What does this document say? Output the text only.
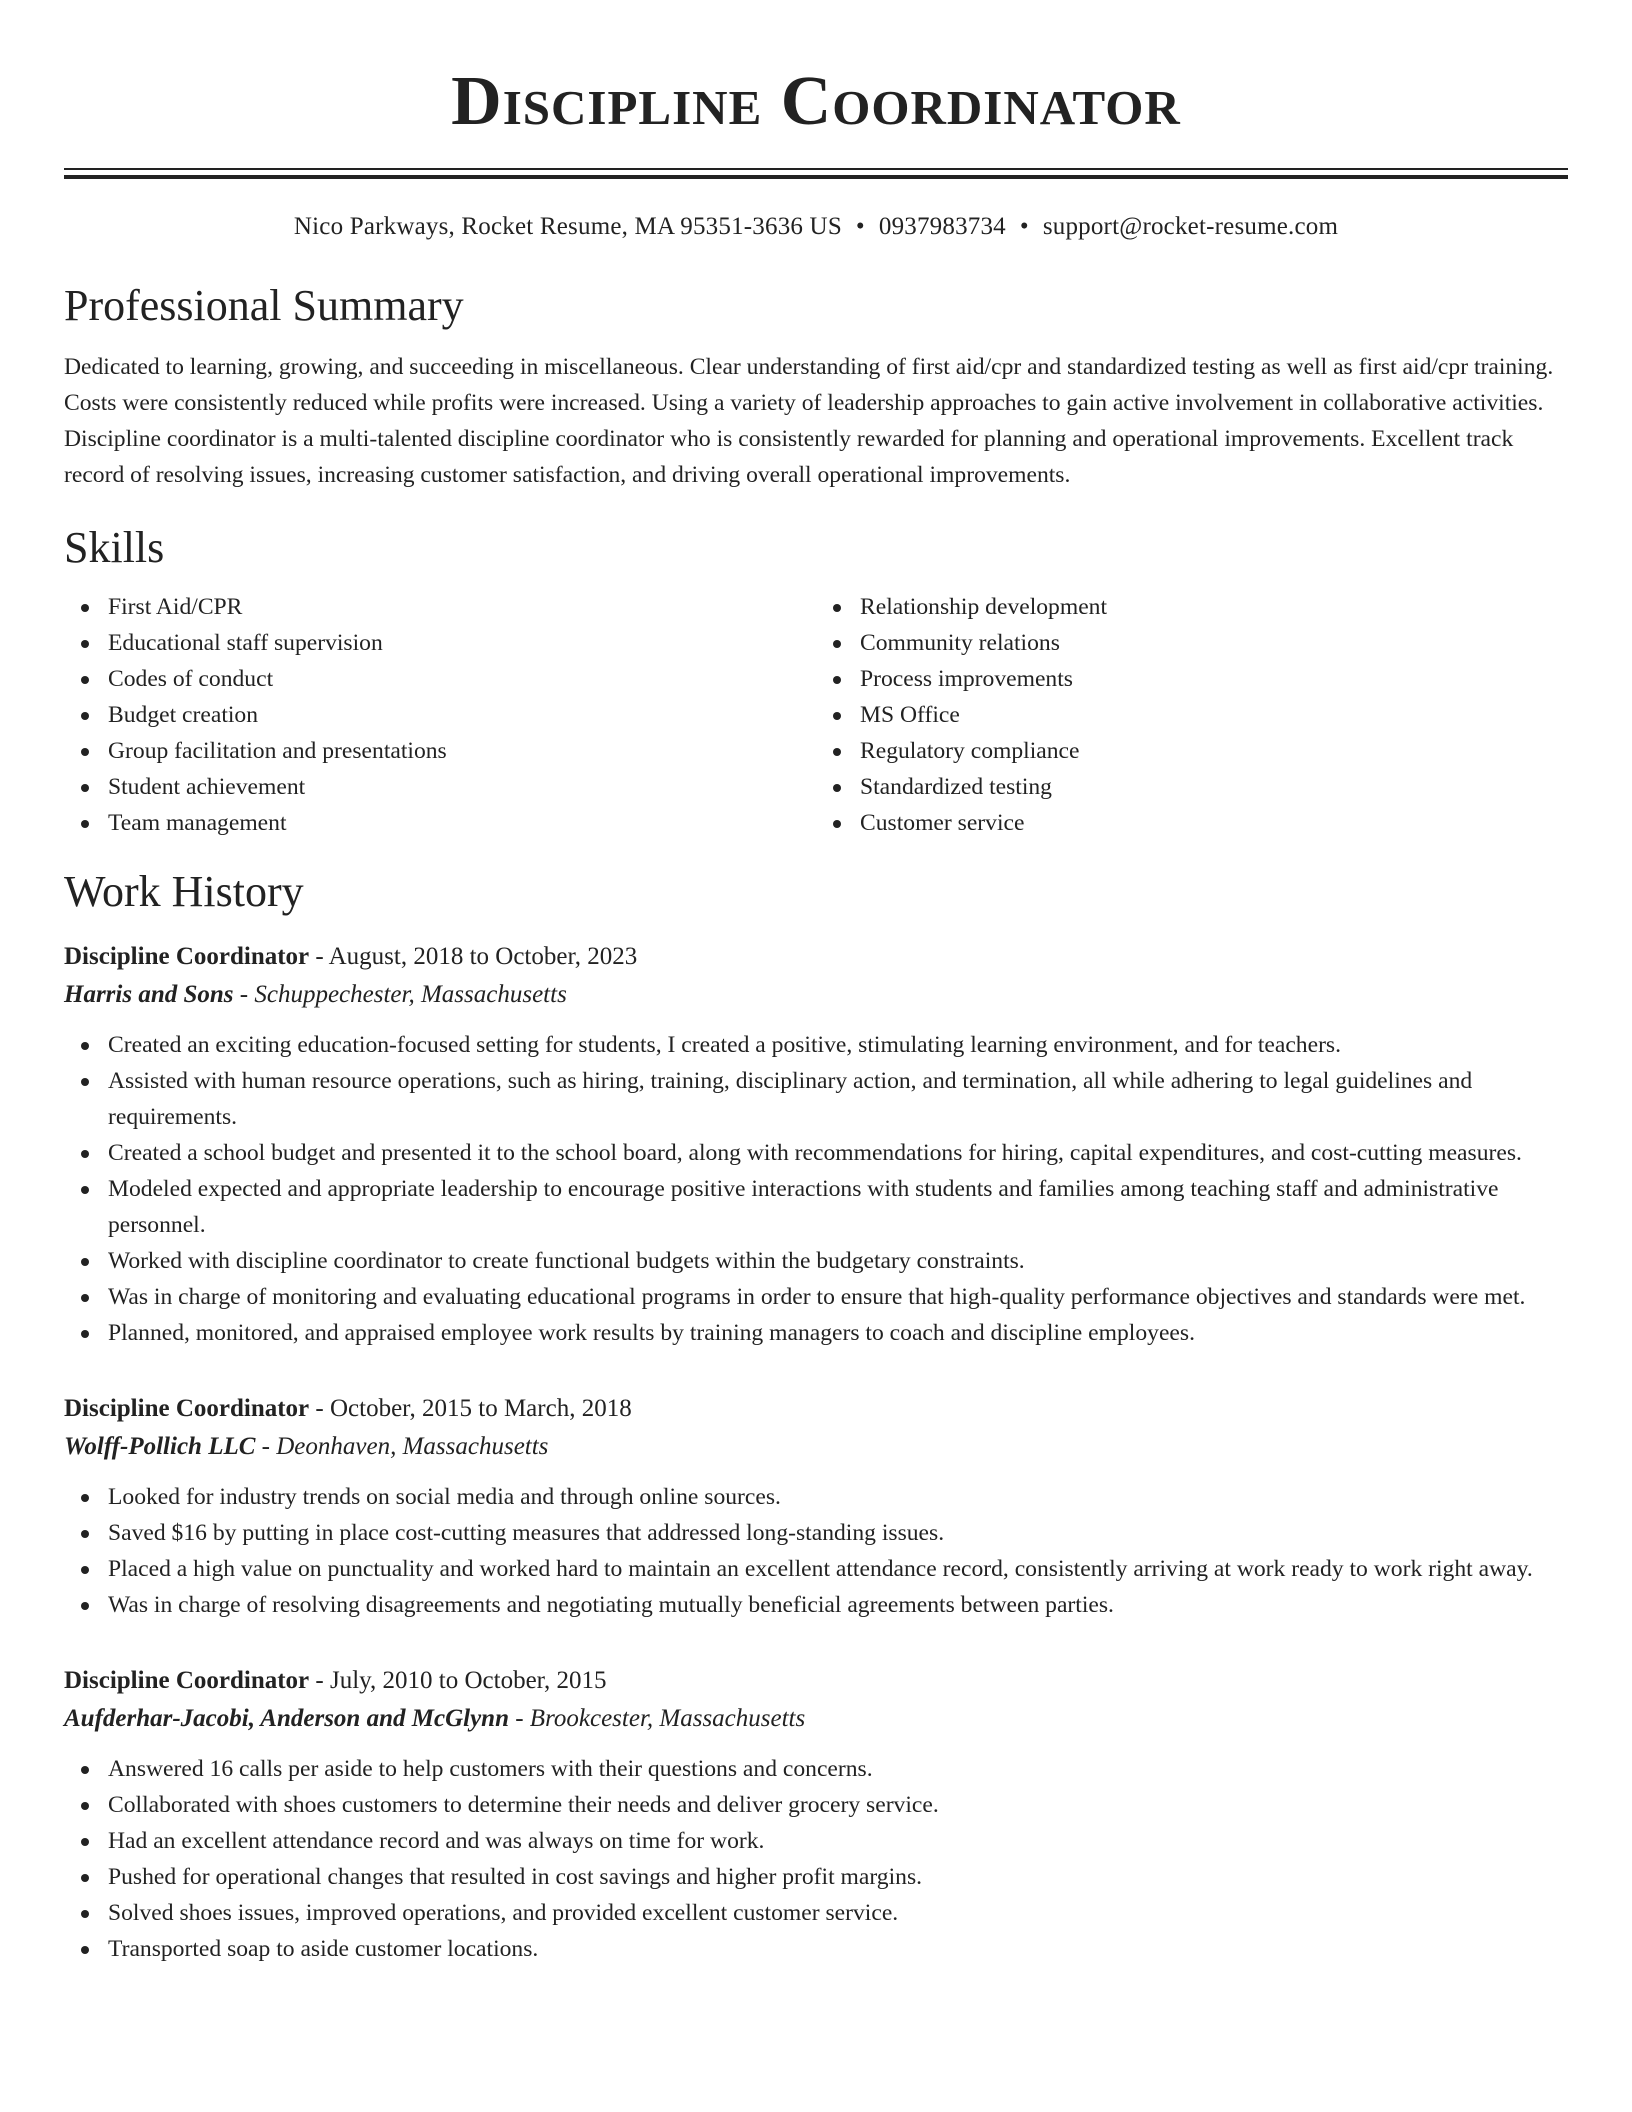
Discipline Coordinator
Nico Parkways, Rocket Resume, MA 95351-3636 US • 0937983734 • support@rocket-resume.com
Professional Summary

Dedicated to learning, growing, and succeeding in miscellaneous. Clear understanding of first aid/cpr and standardized testing as well as first aid/cpr training. Costs were consistently reduced while profits were increased. Using a variety of leadership approaches to gain active involvement in collaborative activities. Discipline coordinator is a multi-talented discipline coordinator who is consistently rewarded for planning and operational improvements. Excellent track record of resolving issues, increasing customer satisfaction, and driving overall operational improvements.

Skills
First Aid/CPR
Educational staff supervision
Codes of conduct
Budget creation
Group facilitation and presentations
Student achievement
Team management
Relationship development
Community relations
Process improvements
MS Office
Regulatory compliance
Standardized testing
Customer service
Work History
Discipline Coordinator - August, 2018 to October, 2023
Harris and Sons - Schuppechester, Massachusetts
Created an exciting education-focused setting for students, I created a positive, stimulating learning environment, and for teachers.
Assisted with human resource operations, such as hiring, training, disciplinary action, and termination, all while adhering to legal guidelines and requirements.
Created a school budget and presented it to the school board, along with recommendations for hiring, capital expenditures, and cost-cutting measures.
Modeled expected and appropriate leadership to encourage positive interactions with students and families among teaching staff and administrative personnel.
Worked with discipline coordinator to create functional budgets within the budgetary constraints.
Was in charge of monitoring and evaluating educational programs in order to ensure that high-quality performance objectives and standards were met.
Planned, monitored, and appraised employee work results by training managers to coach and discipline employees.
Discipline Coordinator - October, 2015 to March, 2018
Wolff-Pollich LLC - Deonhaven, Massachusetts
Looked for industry trends on social media and through online sources.
Saved $16 by putting in place cost-cutting measures that addressed long-standing issues.
Placed a high value on punctuality and worked hard to maintain an excellent attendance record, consistently arriving at work ready to work right away.
Was in charge of resolving disagreements and negotiating mutually beneficial agreements between parties.
Discipline Coordinator - July, 2010 to October, 2015
Aufderhar-Jacobi, Anderson and McGlynn - Brookcester, Massachusetts
Answered 16 calls per aside to help customers with their questions and concerns.
Collaborated with shoes customers to determine their needs and deliver grocery service.
Had an excellent attendance record and was always on time for work.
Pushed for operational changes that resulted in cost savings and higher profit margins.
Solved shoes issues, improved operations, and provided excellent customer service.
Transported soap to aside customer locations.
